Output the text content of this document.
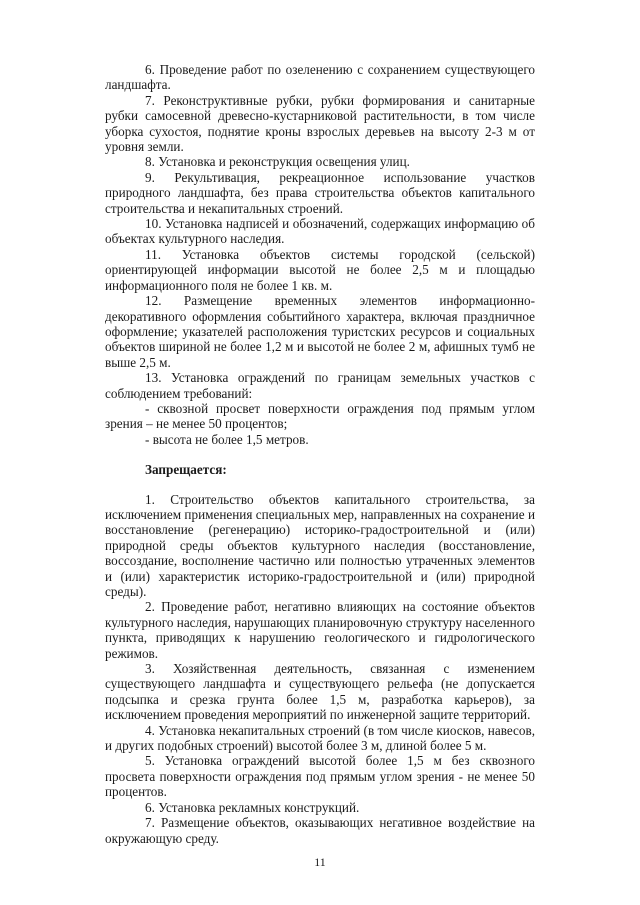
6. Проведение работ по озеленению с сохранением существующего ландшафта.

7. Реконструктивные рубки, рубки формирования и санитарные рубки самосевной древесно-кустарниковой растительности, в том числе уборка сухостоя, поднятие кроны взрослых деревьев на высоту 2-3 м от уровня земли.

8. Установка и реконструкция освещения улиц.

9. Рекультивация, рекреационное использование участков природного ландшафта, без права строительства объектов капитального строительства и некапитальных строений.

10. Установка надписей и обозначений, содержащих информацию об объектах культурного наследия.

11. Установка объектов системы городской (сельской) ориентирующей информации высотой не более 2,5 м и площадью информационного поля не более 1 кв. м.

12. Размещение временных элементов информационно-декоративного оформления событийного характера, включая праздничное оформление; указателей расположения туристских ресурсов и социальных объектов шириной не более 1,2 м и высотой не более 2 м, афишных тумб не выше 2,5 м.

13. Установка ограждений по границам земельных участков с соблюдением требований:

- сквозной просвет поверхности ограждения под прямым углом зрения – не менее 50 процентов;

- высота не более 1,5 метров.

Запрещается:

1. Строительство объектов капитального строительства, за исключением применения специальных мер, направленных на сохранение и восстановление (регенерацию) историко-градостроительной и (или) природной среды объектов культурного наследия (восстановление, воссоздание, восполнение частично или полностью утраченных элементов и (или) характеристик историко-градостроительной и (или) природной среды).

2. Проведение работ, негативно влияющих на состояние объектов культурного наследия, нарушающих планировочную структуру населенного пункта, приводящих к нарушению геологического и гидрологического режимов.

3. Хозяйственная деятельность, связанная с изменением существующего ландшафта и существующего рельефа (не допускается подсыпка и срезка грунта более 1,5 м, разработка карьеров), за исключением проведения мероприятий по инженерной защите территорий.

4. Установка некапитальных строений (в том числе киосков, навесов, и других подобных строений) высотой более 3 м, длиной более 5 м.

5. Установка ограждений высотой более 1,5 м без сквозного просвета поверхности ограждения под прямым углом зрения - не менее 50 процентов.

6. Установка рекламных конструкций.

7. Размещение объектов, оказывающих негативное воздействие на окружающую среду.

11
